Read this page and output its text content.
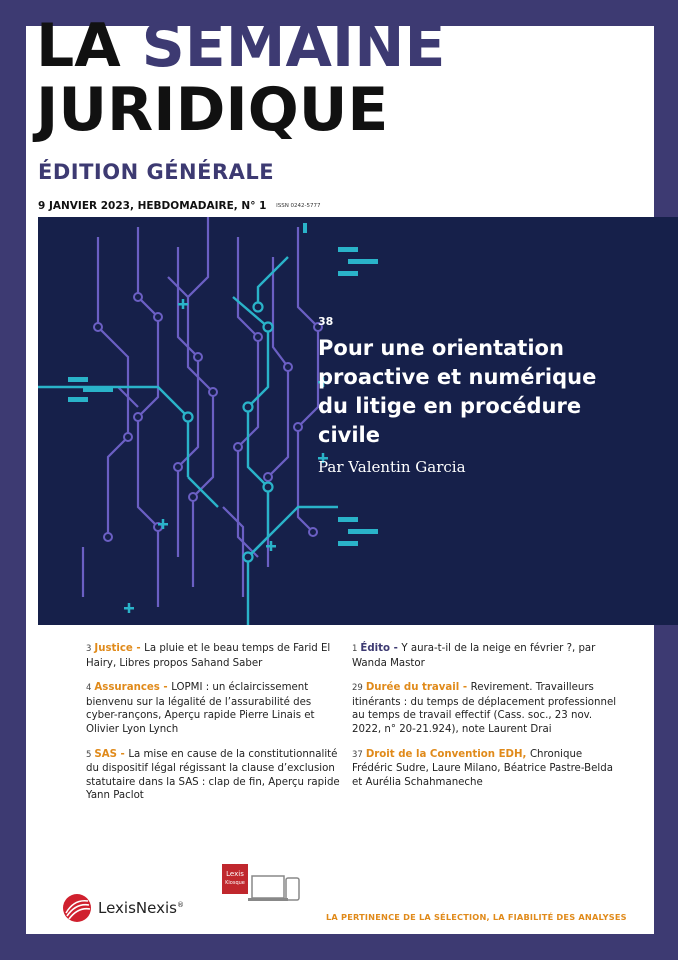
LA SEMAINE
JURIDIQUE
ÉDITION GÉNÉRALE
9 JANVIER 2023, HEBDOMADAIRE, N° 1 ISSN 0242-5777
38
Pour une orientation proactive et numérique du litige en procédure civile
Par Valentin Garcia
3 Justice - La pluie et le beau temps de Farid El Hairy, Libres propos Sahand Saber
4 Assurances - LOPMI : un éclaircissement bienvenu sur la légalité de l’assurabilité des cyber-rançons, Aperçu rapide Pierre Linais et Olivier Lyon Lynch
5 SAS - La mise en cause de la constitutionnalité du dispositif légal régissant la clause d’exclusion statutaire dans la SAS : clap de fin, Aperçu rapide Yann Paclot
1 Édito - Y aura-t-il de la neige en février ?, par Wanda Mastor
29 Durée du travail - Revirement. Travailleurs itinérants : du temps de déplacement professionnel au temps de travail effectif (Cass. soc., 23 nov. 2022, n° 20-21.924), note Laurent Drai
37 Droit de la Convention EDH, Chronique Frédéric Sudre, Laure Milano, Béatrice Pastre-Belda et Aurélia Schahmaneche
LexisNexis®
Lexis
Kiosque
LA PERTINENCE DE LA SÉLECTION, LA FIABILITÉ DES ANALYSES
